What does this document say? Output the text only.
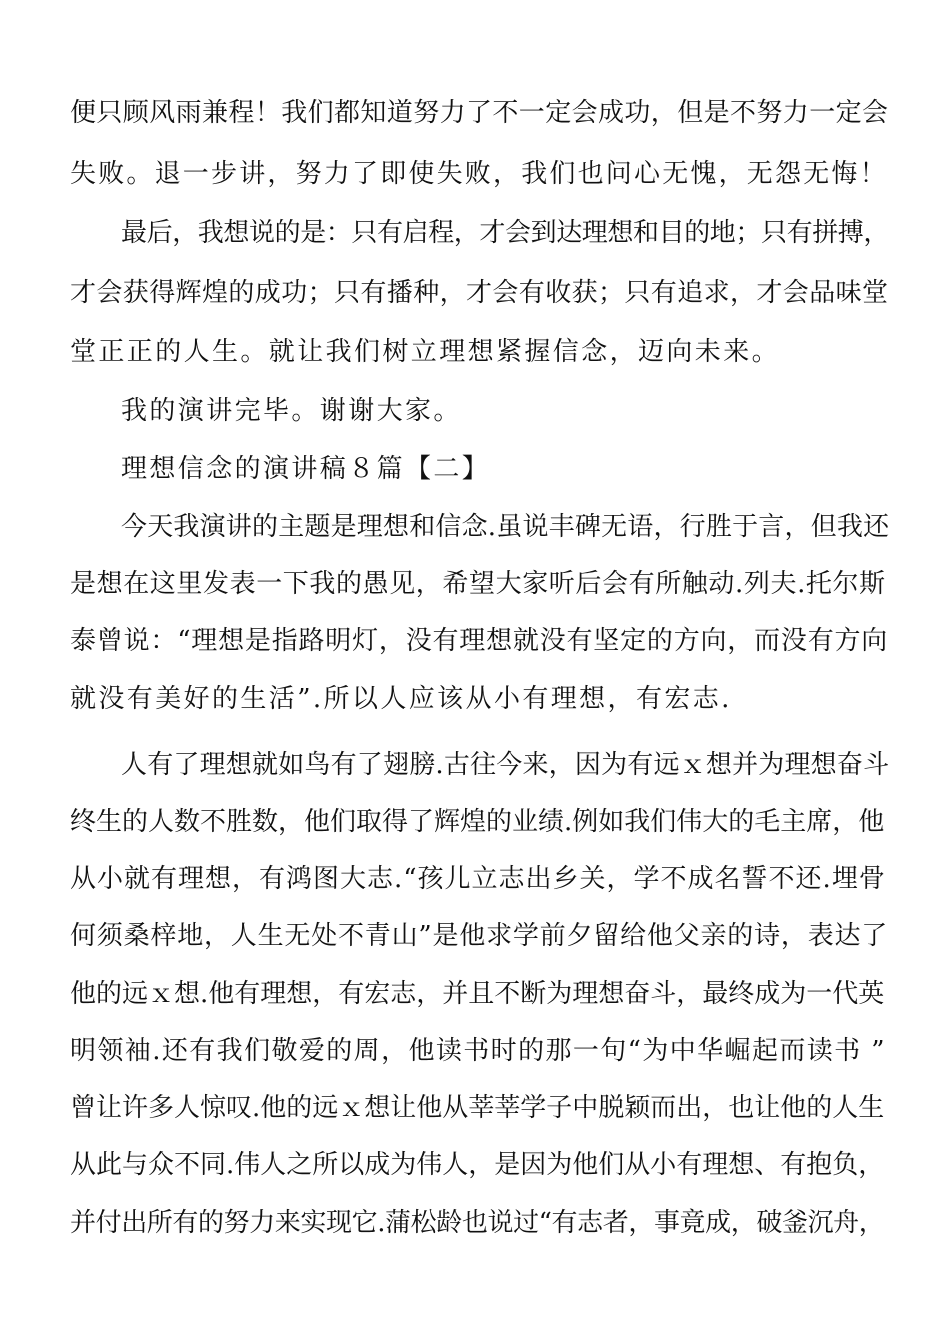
便只顾风雨兼程！我们都知道努力了不一定会成功，但是不努力一定会
失败。退一步讲，努力了即使失败，我们也问心无愧，无怨无悔！
最后，我想说的是：只有启程，才会到达理想和目的地；只有拼搏，
才会获得辉煌的成功；只有播种，才会有收获；只有追求，才会品味堂
堂正正的人生。就让我们树立理想紧握信念，迈向未来。
我的演讲完毕。谢谢大家。
理想信念的演讲稿８篇【二】
今天我演讲的主题是理想和信念.虽说丰碑无语，行胜于言，但我还
是想在这里发表一下我的愚见，希望大家听后会有所触动.列夫.托尔斯
泰曾说：“理想是指路明灯，没有理想就没有坚定的方向，而没有方向
就没有美好的生活”.所以人应该从小有理想，有宏志.
人有了理想就如鸟有了翅膀.古往今来，因为有远ｘ想并为理想奋斗
终生的人数不胜数，他们取得了辉煌的业绩.例如我们伟大的毛主席，他
从小就有理想，有鸿图大志.“孩儿立志出乡关，学不成名誓不还.埋骨
何须桑梓地，人生无处不青山”是他求学前夕留给他父亲的诗，表达了
他的远ｘ想.他有理想，有宏志，并且不断为理想奋斗，最终成为一代英
明领袖.还有我们敬爱的周，他读书时的那一句“为中华崛起而读书 ”
曾让许多人惊叹.他的远ｘ想让他从莘莘学子中脱颖而出，也让他的人生
从此与众不同.伟人之所以成为伟人，是因为他们从小有理想、有抱负，
并付出所有的努力来实现它.蒲松龄也说过“有志者，事竟成，破釜沉舟，
